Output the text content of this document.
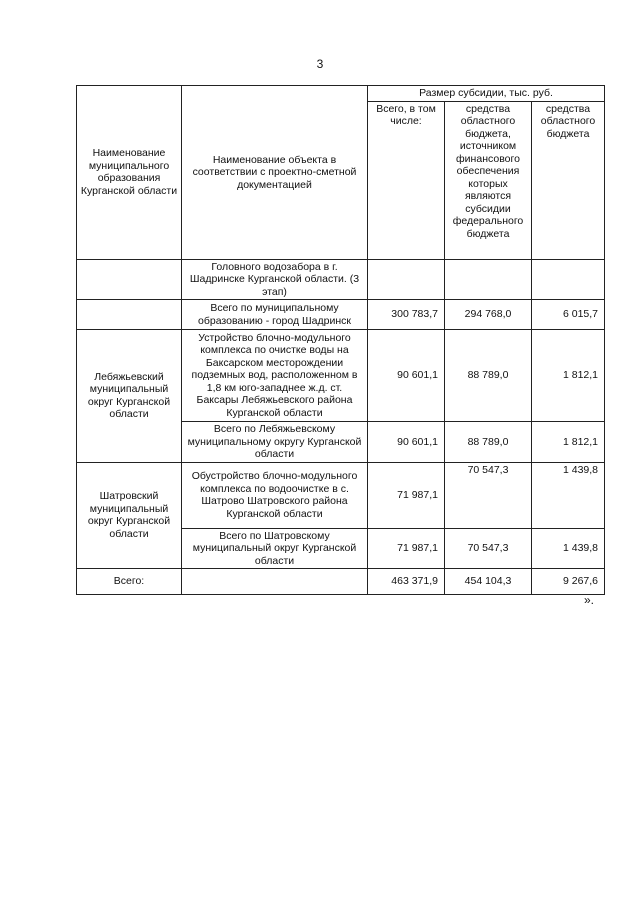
3
Наименование муниципального образования Курганской области	Наименование объекта в соответствии с проектно-сметной документацией	Размер субсидии, тыс. руб.		
		Всего, в том числе:	средства областного бюджета, источником финансового обеспечения которых являются субсидии федерального бюджета	средства областного бюджета
	Головного водозабора в г. Шадринске Курганской области. (3 этап)			
	Всего по муниципальному образованию - город Шадринск	300 783,7	294 768,0	6 015,7
Лебяжьевский муниципальный округ Курганской области	Устройство блочно-модульного комплекса по очистке воды на Баксарском месторождении подземных вод, расположенном в 1,8 км юго-западнее ж.д. ст. Баксары Лебяжьевского района Курганской области	90 601,1	88 789,0	1 812,1
	Всего по Лебяжьевскому муниципальному округу Курганской области	90 601,1	88 789,0	1 812,1
Шатровский муниципальный округ Курганской области	Обустройство блочно-модульного комплекса по водоочистке в с. Шатрово Шатровского района Курганской области	71 987,1	70 547,3	1 439,8
	Всего по Шатровскому муниципальный округ Курганской области	71 987,1	70 547,3	1 439,8
Всего:		463 371,9	454 104,3	9 267,6
».
